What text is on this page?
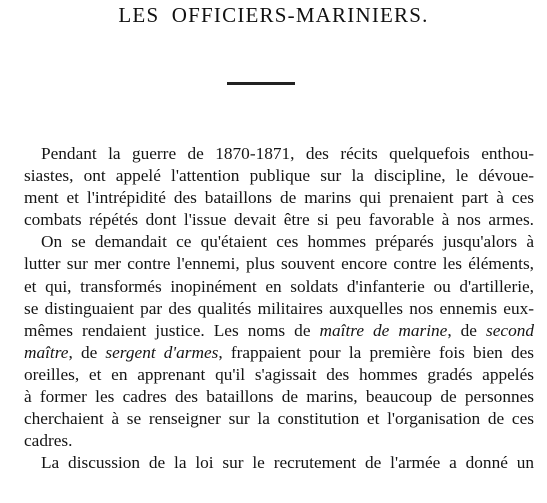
LES OFFICIERS-MARINIERS.
Pendant la guerre de 1870-1871, des récits quelquefois enthou-
siastes, ont appelé l'attention publique sur la discipline, le dévoue-
ment et l'intrépidité des bataillons de marins qui prenaient part à ces
combats répétés dont l'issue devait être si peu favorable à nos armes.
On se demandait ce qu'étaient ces hommes préparés jusqu'alors à
lutter sur mer contre l'ennemi, plus souvent encore contre les éléments,
et qui, transformés inopinément en soldats d'infanterie ou d'artillerie,
se distinguaient par des qualités militaires auxquelles nos ennemis eux-
mêmes rendaient justice. Les noms de maître de marine, de second
maître, de sergent d'armes, frappaient pour la première fois bien des
oreilles, et en apprenant qu'il s'agissait des hommes gradés appelés
à former les cadres des bataillons de marins, beaucoup de personnes
cherchaient à se renseigner sur la constitution et l'organisation de ces
cadres.
La discussion de la loi sur le recrutement de l'armée a donné un
